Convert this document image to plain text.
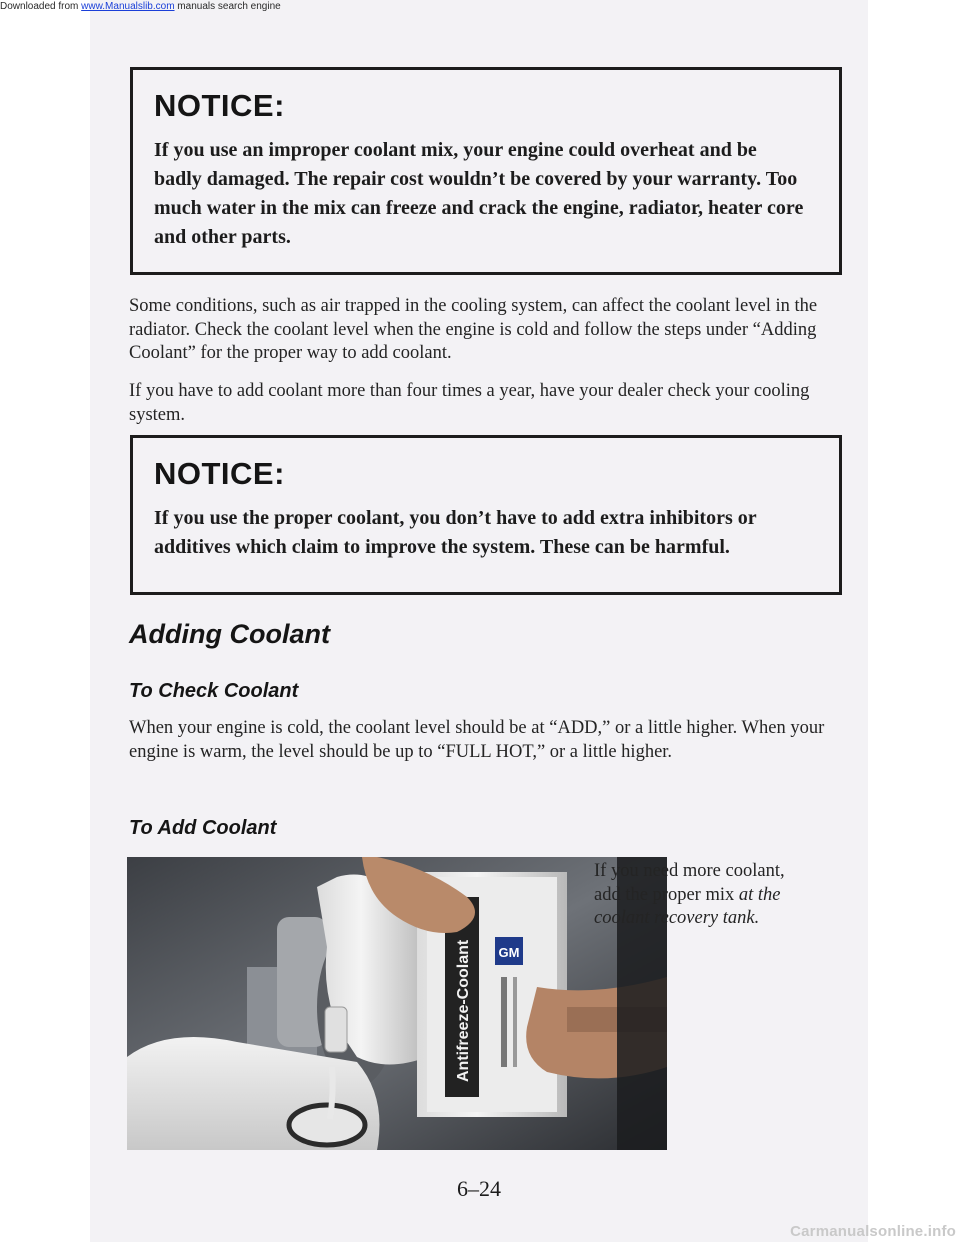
Downloaded from www.Manualslib.com manuals search engine

NOTICE:

If you use an improper coolant mix, your engine could overheat and be badly damaged. The repair cost wouldn’t be covered by your warranty. Too much water in the mix can freeze and crack the engine, radiator, heater core and other parts.

Some conditions, such as air trapped in the cooling system, can affect the coolant level in the radiator. Check the coolant level when the engine is cold and follow the steps under “Adding Coolant” for the proper way to add coolant.

If you have to add coolant more than four times a year, have your dealer check your cooling system.

NOTICE:

If you use the proper coolant, you don’t have to add extra inhibitors or additives which claim to improve the system. These can be harmful.

Adding Coolant
To Check Coolant

When your engine is cold, the coolant level should be at “ADD,” or a little higher. When your engine is warm, the level should be up to “FULL HOT,” or a little higher.

To Add Coolant
Antifreeze-Coolant GM

If you need more coolant, add the proper mix at the coolant recovery tank.

6–24

Carmanualsonline.info
